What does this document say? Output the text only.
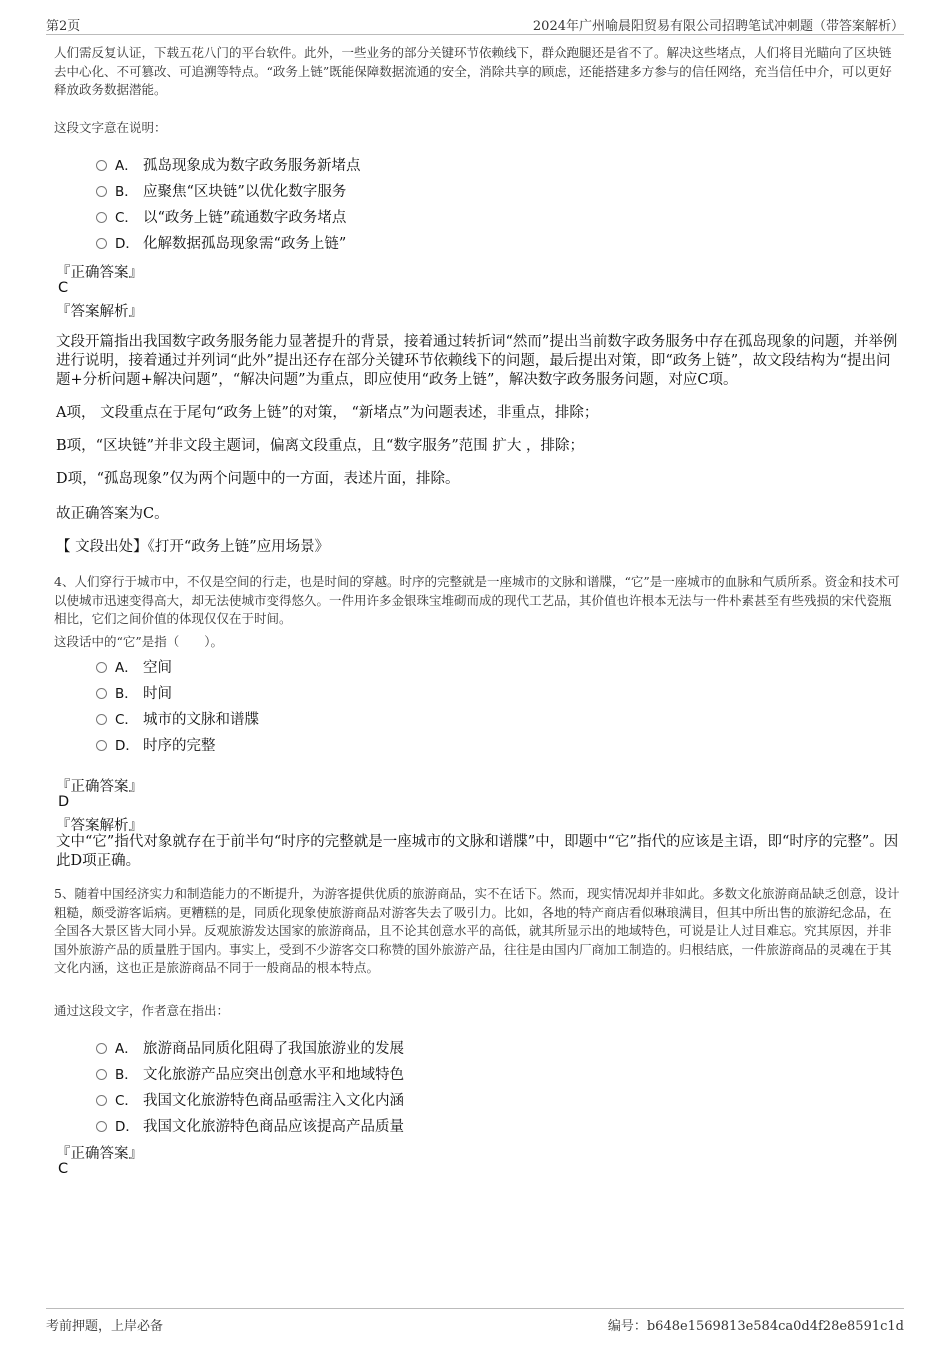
第2页	2024年广州喻晨阳贸易有限公司招聘笔试冲刺题（带答案解析）
人们需反复认证，下载五花八门的平台软件。此外，一些业务的部分关键环节依赖线下，群众跑腿还是省不了。解决这些堵点，人们将目光瞄向了区块链去中心化、不可篡改、可追溯等特点。“政务上链”既能保障数据流通的安全，消除共享的顾虑，还能搭建多方参与的信任网络，充当信任中介，可以更好释放政务数据潜能。
这段文字意在说明：
A． 孤岛现象成为数字政务服务新堵点
B． 应聚焦“区块链”以优化数字服务
C． 以“政务上链”疏通数字政务堵点
D． 化解数据孤岛现象需“政务上链”
『正确答案』
C
『答案解析』
文段开篇指出我国数字政务服务能力显著提升的背景，接着通过转折词“然而”提出当前数字政务服务中存在孤岛现象的问题，并举例进行说明，接着通过并列词“此外”提出还存在部分关键环节依赖线下的问题，最后提出对策，即“政务上链”，故文段结构为“提出问题+分析问题+解决问题”，“解决问题”为重点，即应使用“政务上链”，解决数字政务服务问题，对应C项。
A项， 文段重点在于尾句“政务上链”的对策， “新堵点”为问题表述，非重点，排除；
B项，“区块链”并非文段主题词，偏离文段重点，且“数字服务”范围 扩大 ，排除；
D项，“孤岛现象”仅为两个问题中的一方面，表述片面，排除。
故正确答案为C。
【 文段出处】《打开“政务上链”应用场景》
4、人们穿行于城市中，不仅是空间的行走，也是时间的穿越。时序的完整就是一座城市的文脉和谱牒，“它”是一座城市的血脉和气质所系。资金和技术可以使城市迅速变得高大，却无法使城市变得悠久。一件用许多金银珠宝堆砌而成的现代工艺品，其价值也许根本无法与一件朴素甚至有些残损的宋代瓷瓶相比，它们之间价值的体现仅仅在于时间。
这段话中的“它”是指（　　）。
A． 空间
B． 时间
C． 城市的文脉和谱牒
D． 时序的完整
『正确答案』
D
『答案解析』
文中“它”指代对象就存在于前半句“时序的完整就是一座城市的文脉和谱牒”中，即题中“它”指代的应该是主语，即“时序的完整”。因此D项正确。
5、随着中国经济实力和制造能力的不断提升，为游客提供优质的旅游商品，实不在话下。然而，现实情况却并非如此。多数文化旅游商品缺乏创意，设计粗糙，颇受游客诟病。更糟糕的是，同质化现象使旅游商品对游客失去了吸引力。比如，各地的特产商店看似琳琅满目，但其中所出售的旅游纪念品，在全国各大景区皆大同小异。反观旅游发达国家的旅游商品，且不论其创意水平的高低，就其所显示出的地域特色，可说是让人过目难忘。究其原因，并非国外旅游产品的质量胜于国内。事实上，受到不少游客交口称赞的国外旅游产品，往往是由国内厂商加工制造的。归根结底，一件旅游商品的灵魂在于其文化内涵，这也正是旅游商品不同于一般商品的根本特点。
通过这段文字，作者意在指出：
A． 旅游商品同质化阻碍了我国旅游业的发展
B． 文化旅游产品应突出创意水平和地域特色
C． 我国文化旅游特色商品亟需注入文化内涵
D． 我国文化旅游特色商品应该提高产品质量
『正确答案』
C
考前押题，上岸必备	编号：b648e1569813e584ca0d4f28e8591c1d
